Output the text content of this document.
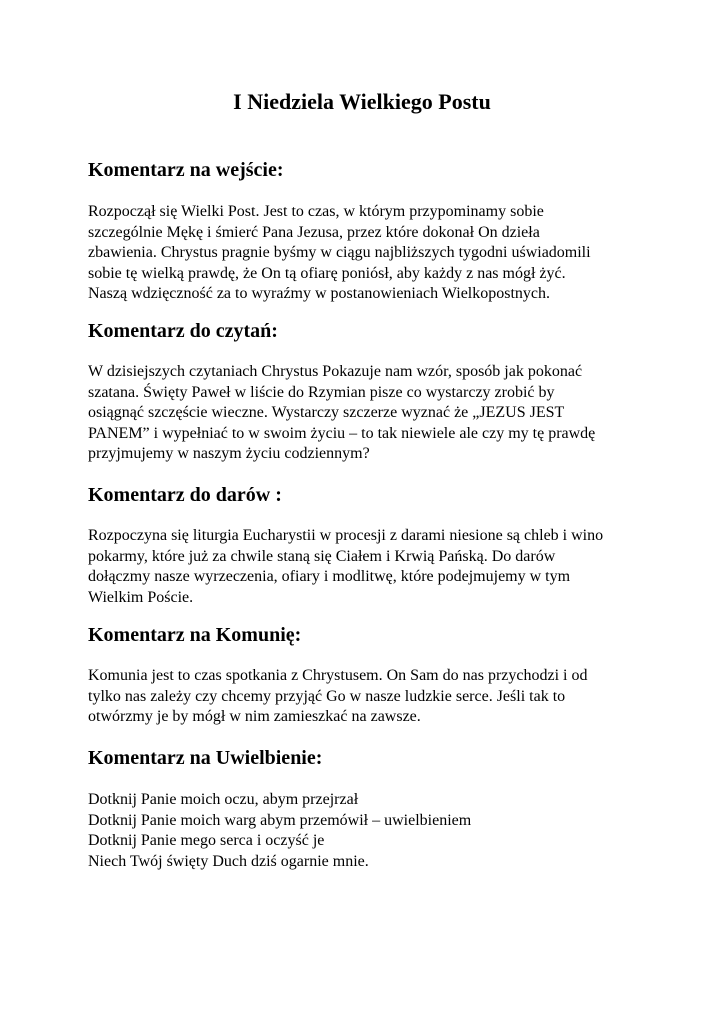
I Niedziela Wielkiego Postu
Komentarz na wejście:
Rozpoczął się Wielki Post. Jest to czas, w którym przypominamy sobie
szczególnie Mękę i śmierć Pana Jezusa, przez które dokonał On dzieła
zbawienia. Chrystus pragnie byśmy w ciągu najbliższych tygodni uświadomili
sobie tę wielką prawdę, że On tą ofiarę poniósł, aby każdy z nas mógł żyć.
Naszą wdzięczność za to wyraźmy w postanowieniach Wielkopostnych.
Komentarz do czytań:
W dzisiejszych czytaniach Chrystus Pokazuje nam wzór, sposób jak pokonać
szatana. Święty Paweł w liście do Rzymian pisze co wystarczy zrobić by
osiągnąć szczęście wieczne. Wystarczy szczerze wyznać że „JEZUS JEST
PANEM” i wypełniać to w swoim życiu – to tak niewiele ale czy my tę prawdę
przyjmujemy w naszym życiu codziennym?
Komentarz do darów :
Rozpoczyna się liturgia Eucharystii w procesji z darami niesione są chleb i wino
pokarmy, które już za chwile staną się Ciałem i Krwią Pańską. Do darów
dołączmy nasze wyrzeczenia, ofiary i modlitwę, które podejmujemy w tym
Wielkim Poście.
Komentarz na Komunię:
Komunia jest to czas spotkania z Chrystusem. On Sam do nas przychodzi i od
tylko nas zależy czy chcemy przyjąć Go w nasze ludzkie serce. Jeśli tak to
otwórzmy je by mógł w nim zamieszkać na zawsze.
Komentarz na Uwielbienie:
Dotknij Panie moich oczu, abym przejrzał
Dotknij Panie moich warg abym przemówił – uwielbieniem
Dotknij Panie mego serca i oczyść je
Niech Twój święty Duch dziś ogarnie mnie.
